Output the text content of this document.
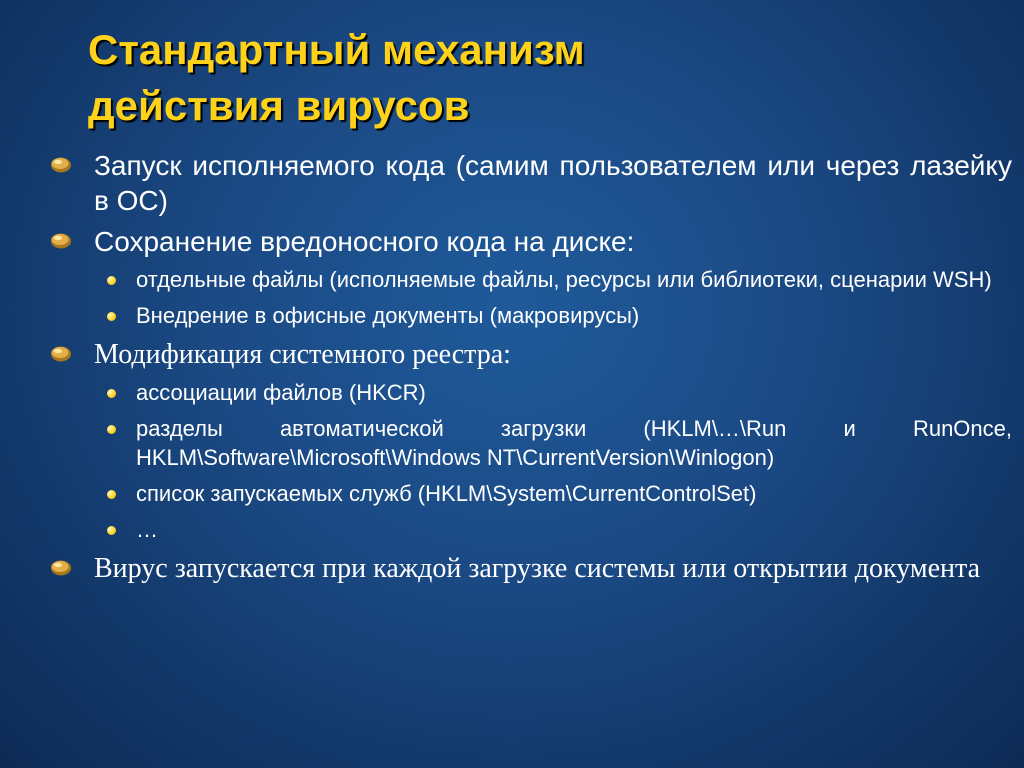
Стандартный механизм
действия вирусов
Запуск исполняемого кода (самим пользователем или через лазейку в ОС)
Сохранение вредоносного кода на диске:
отдельные файлы (исполняемые файлы, ресурсы или библиотеки, сценарии WSH)
Внедрение в офисные документы (макровирусы)
Модификация системного реестра:
ассоциации файлов (HKCR)
разделы автоматической загрузки (HKLM\…\Run и RunOnce, HKLM\Software\Microsoft\Windows NT\CurrentVersion\Winlogon)
список запускаемых служб (HKLM\System\CurrentControlSet)
…
Вирус запускается при каждой загрузке системы или открытии документа
